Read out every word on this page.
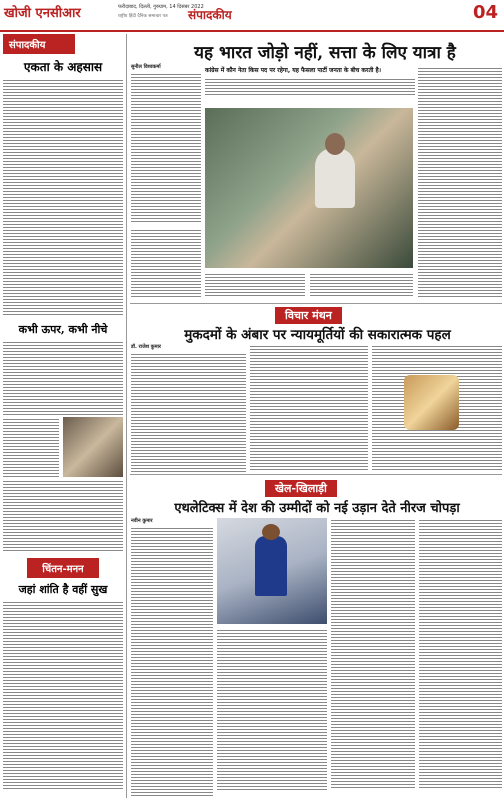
खोजी एनसीआर	फरीदाबाद, दिल्ली, गुरुग्राम, 14 दिसंबर 2022
राष्ट्रीय हिंदी दैनिक समाचार पत्र संपादकीय	04
संपादकीय
एकता के अहसास
कभी ऊपर, कभी नीचे
चिंतन-मनन
जहां शांति है वहीं सुख
यह भारत जोड़ो नहीं, सत्ता के लिए यात्रा है
सुनील विश्वकर्मा	कांग्रेस में कौन नेता किस पद पर रहेगा, यह फैसला पार्टी जनता के बीच करती है।
विचार मंथन
मुकदमों के अंबार पर न्यायमूर्तियों की सकारात्मक पहल
डॉ. राजेश कुमार
खेल-खिलाड़ी
एथलेटिक्स में देश की उम्मीदों को नई उड़ान देते नीरज चोपड़ा
नवीन कुमार
